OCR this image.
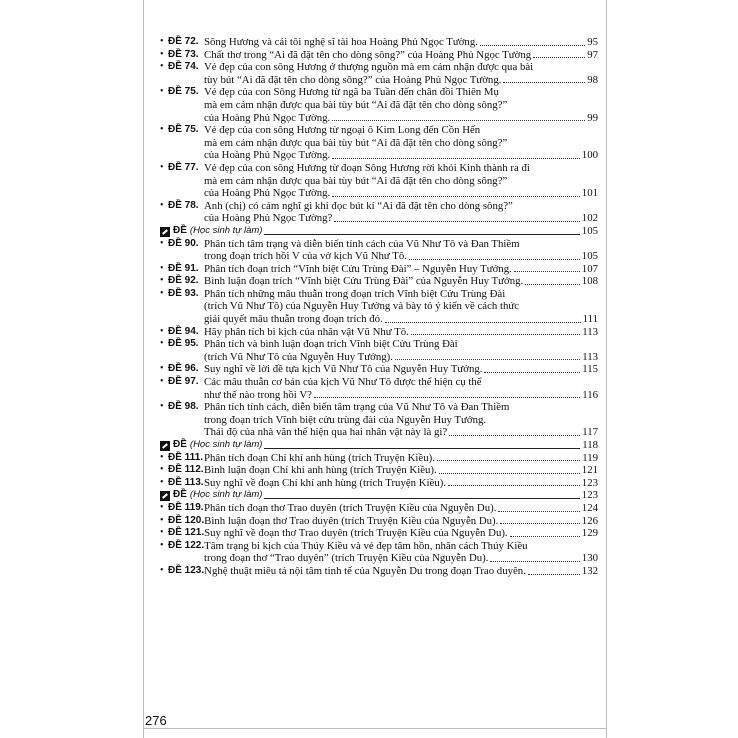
• ĐỀ 72. Sông Hương và cái tôi nghệ sĩ tài hoa Hoàng Phủ Ngọc Tường.	95
• ĐỀ 73. Chất thơ trong “Ai đã đặt tên cho dòng sông?” của Hoàng Phủ Ngọc Tường	97
• ĐỀ 74. Vẻ đẹp của con sông Hương ở thượng nguồn mà em cảm nhận được qua bài
tùy bút “Ai đã đặt tên cho dòng sông?” của Hoàng Phủ Ngọc Tường.	98
• ĐỀ 75. Vẻ đẹp của con Sông Hương từ ngã ba Tuần đến chân đồi Thiên Mụ
mà em cảm nhận được qua bài tùy bút “Ai đã đặt tên cho dòng sông?”
của Hoàng Phủ Ngọc Tường.	99
• ĐỀ 75. Vẻ đẹp của con sông Hương từ ngoại ô Kim Long đến Cồn Hến
mà em cảm nhận được qua bài tùy bút “Ai đã đặt tên cho dòng sông?”
của Hoàng Phủ Ngọc Tường.	100
• ĐỀ 77. Vẻ đẹp của con sông Hương từ đoạn Sông Hương rời khỏi Kinh thành ra đi
mà em cảm nhận được qua bài tùy bút “Ai đã đặt tên cho dòng sông?”
của Hoàng Phủ Ngọc Tường.	101
• ĐỀ 78. Anh (chị) có cảm nghĩ gì khi đọc bút kí “Ai đã đặt tên cho dòng sông?”
của Hoàng Phủ Ngọc Tường?	102
ĐỀ (Học sinh tự làm)	105
• ĐỀ 90. Phân tích tâm trạng và diễn biến tính cách của Vũ Như Tô và Đan Thiềm
trong đoạn trích hồi V của vở kịch Vũ Như Tô.	105
• ĐỀ 91. Phân tích đoạn trích “Vĩnh biệt Cửu Trùng Đài” – Nguyễn Huy Tưởng.	107
• ĐỀ 92. Bình luận đoạn trích “Vĩnh biệt Cửu Trùng Đài” của Nguyễn Huy Tưởng.	108
• ĐỀ 93. Phân tích những mâu thuẫn trong đoạn trích Vĩnh biệt Cửu Trùng Đài
(trích Vũ Như Tô) của Nguyễn Huy Tưởng và bày tỏ ý kiến về cách thức
giải quyết mâu thuẫn trong đoạn trích đó.	111
• ĐỀ 94. Hãy phân tích bi kịch của nhân vật Vũ Như Tô.	113
• ĐỀ 95. Phân tích và bình luận đoạn trích Vĩnh biệt Cửu Trùng Đài
(trích Vũ Như Tô của Nguyễn Huy Tưởng).	113
• ĐỀ 96. Suy nghĩ về lời đề tựa kịch Vũ Như Tô của Nguyễn Huy Tưởng.	115
• ĐỀ 97. Các mâu thuẫn cơ bản của kịch Vũ Như Tô được thể hiện cụ thể
như thế nào trong hồi V?	116
• ĐỀ 98. Phân tích tính cách, diễn biến tâm trạng của Vũ Như Tô và Đan Thiềm
trong đoạn trích Vĩnh biệt cửu trùng đài của Nguyễn Huy Tưởng.
Thái độ của nhà văn thể hiện qua hai nhân vật này là gì?	117
ĐỀ (Học sinh tự làm)	118
• ĐỀ 111. Phân tích đoạn Chí khí anh hùng (trích Truyện Kiều).	119
• ĐỀ 112. Bình luận đoạn Chí khí anh hùng (trích Truyện Kiều).	121
• ĐỀ 113. Suy nghĩ về đoạn Chí khí anh hùng (trích Truyện Kiều).	123
ĐỀ (Học sinh tự làm)	123
• ĐỀ 119. Phân tích đoạn thơ Trao duyên (trích Truyện Kiều của Nguyễn Du).	124
• ĐỀ 120. Bình luận đoạn thơ Trao duyên (trích Truyện Kiều của Nguyễn Du).	126
• ĐỀ 121. Suy nghĩ về đoạn thơ Trao duyên (trích Truyện Kiều của Nguyễn Du).	129
• ĐỀ 122. Tâm trạng bi kịch của Thúy Kiều và vẻ đẹp tâm hồn, nhân cách Thúy Kiều
trong đoạn thơ “Trao duyên” (trích Truyện Kiều của Nguyễn Du).	130
• ĐỀ 123. Nghệ thuật miêu tả nội tâm tinh tế của Nguyễn Du trong đoạn Trao duyên.	132
276
